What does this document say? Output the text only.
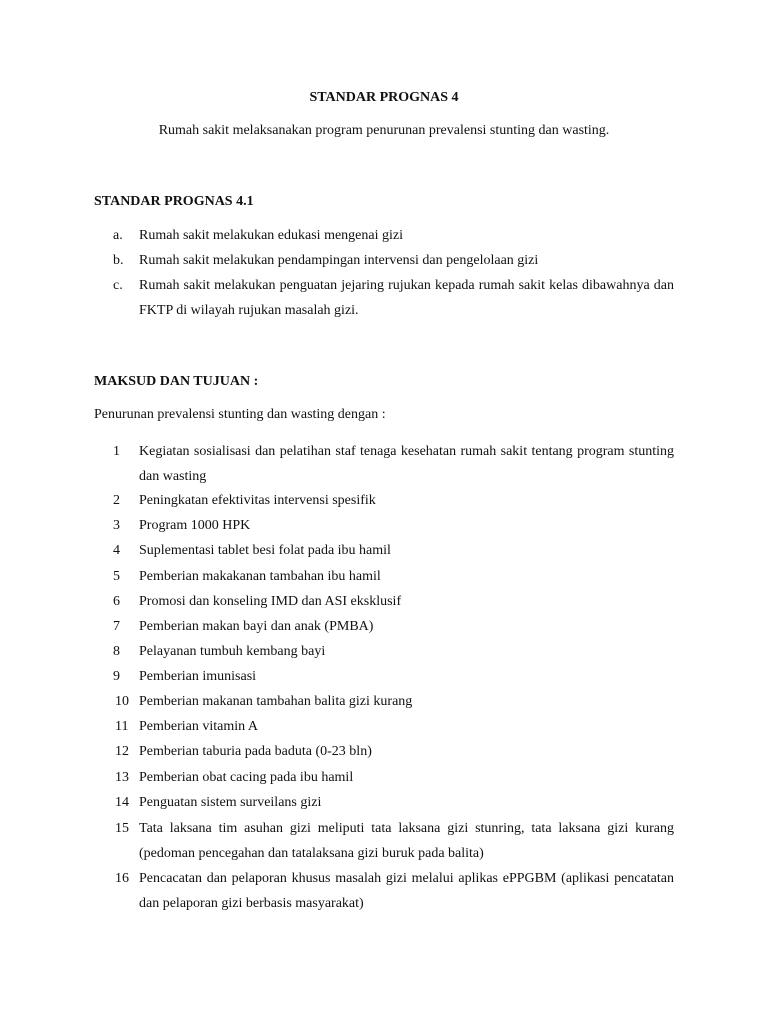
STANDAR PROGNAS 4
Rumah sakit melaksanakan program penurunan prevalensi stunting dan wasting.
STANDAR PROGNAS 4.1
a. Rumah sakit melakukan edukasi mengenai gizi
b. Rumah sakit melakukan pendampingan intervensi dan pengelolaan gizi
c. Rumah sakit melakukan penguatan jejaring rujukan kepada rumah sakit kelas dibawahnya dan FKTP di wilayah rujukan masalah gizi.
MAKSUD DAN TUJUAN :
Penurunan prevalensi stunting dan wasting dengan :
1 Kegiatan sosialisasi dan pelatihan staf tenaga kesehatan rumah sakit tentang program stunting dan wasting
2 Peningkatan efektivitas intervensi spesifik
3 Program 1000 HPK
4 Suplementasi tablet besi folat pada ibu hamil
5 Pemberian makakanan tambahan ibu hamil
6 Promosi dan konseling IMD dan ASI eksklusif
7 Pemberian makan bayi dan anak (PMBA)
8 Pelayanan tumbuh kembang bayi
9 Pemberian imunisasi
10 Pemberian makanan tambahan balita gizi kurang
11 Pemberian vitamin A
12 Pemberian taburia pada baduta (0-23 bln)
13 Pemberian obat cacing pada ibu hamil
14 Penguatan sistem surveilans gizi
15 Tata laksana tim asuhan gizi meliputi tata laksana gizi stunring, tata laksana gizi kurang (pedoman pencegahan dan tatalaksana gizi buruk pada balita)
16 Pencacatan dan pelaporan khusus masalah gizi melalui aplikas ePPGBM (aplikasi pencatatan dan pelaporan gizi berbasis masyarakat)
